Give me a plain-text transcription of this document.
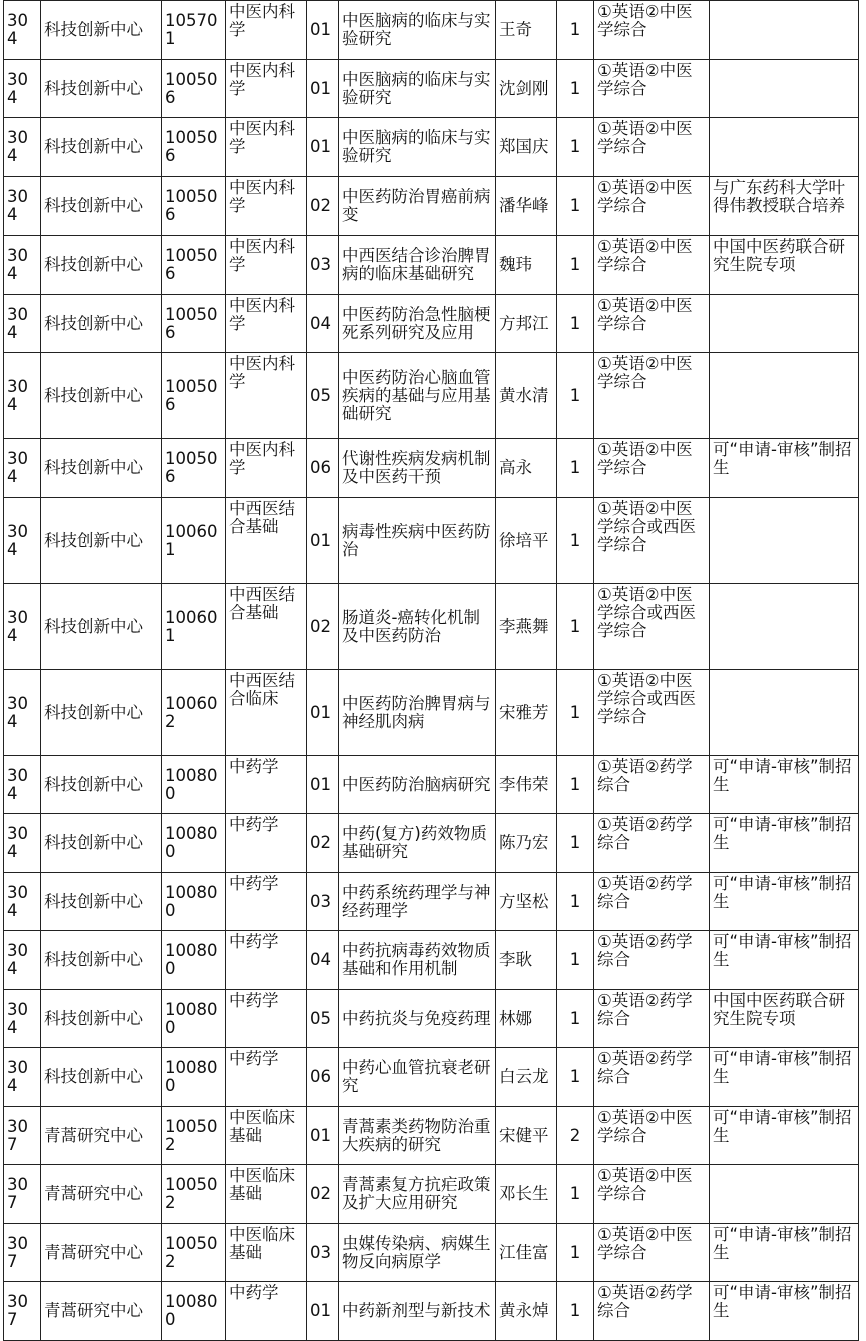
304	科技创新中心	105701	中医内科学	01	中医脑病的临床与实验研究	王奇	1	①英语②中医学综合	
304	科技创新中心	100506	中医内科学	01	中医脑病的临床与实验研究	沈剑刚	1	①英语②中医学综合	
304	科技创新中心	100506	中医内科学	01	中医脑病的临床与实验研究	郑国庆	1	①英语②中医学综合	
304	科技创新中心	100506	中医内科学	02	中医药防治胃癌前病变	潘华峰	1	①英语②中医学综合	与广东药科大学叶得伟教授联合培养
304	科技创新中心	100506	中医内科学	03	中西医结合诊治脾胃病的临床基础研究	魏玮	1	①英语②中医学综合	中国中医药联合研究生院专项
304	科技创新中心	100506	中医内科学	04	中医药防治急性脑梗死系列研究及应用	方邦江	1	①英语②中医学综合	
304	科技创新中心	100506	中医内科学	05	中医药防治心脑血管疾病的基础与应用基础研究	黄水清	1	①英语②中医学综合	
304	科技创新中心	100506	中医内科学	06	代谢性疾病发病机制及中医药干预	高永	1	①英语②中医学综合	可“申请-审核”制招生
304	科技创新中心	100601	中西医结合基础	01	病毒性疾病中医药防治	徐培平	1	①英语②中医学综合或西医学综合	
304	科技创新中心	100601	中西医结合基础	02	肠道炎-癌转化机制及中医药防治	李燕舞	1	①英语②中医学综合或西医学综合	
304	科技创新中心	100602	中西医结合临床	01	中医药防治脾胃病与神经肌肉病	宋雅芳	1	①英语②中医学综合或西医学综合	
304	科技创新中心	100800	中药学	01	中医药防治脑病研究	李伟荣	1	①英语②药学综合	可“申请-审核”制招生
304	科技创新中心	100800	中药学	02	中药(复方)药效物质基础研究	陈乃宏	1	①英语②药学综合	可“申请-审核”制招生
304	科技创新中心	100800	中药学	03	中药系统药理学与神经药理学	方坚松	1	①英语②药学综合	可“申请-审核”制招生
304	科技创新中心	100800	中药学	04	中药抗病毒药效物质基础和作用机制	李耿	1	①英语②药学综合	可“申请-审核”制招生
304	科技创新中心	100800	中药学	05	中药抗炎与免疫药理	林娜	1	①英语②药学综合	中国中医药联合研究生院专项
304	科技创新中心	100800	中药学	06	中药心血管抗衰老研究	白云龙	1	①英语②药学综合	可“申请-审核”制招生
307	青蒿研究中心	100502	中医临床基础	01	青蒿素类药物防治重大疾病的研究	宋健平	2	①英语②中医学综合	可“申请-审核”制招生
307	青蒿研究中心	100502	中医临床基础	02	青蒿素复方抗疟政策及扩大应用研究	邓长生	1	①英语②中医学综合	
307	青蒿研究中心	100502	中医临床基础	03	虫媒传染病、病媒生物反向病原学	江佳富	1	①英语②中医学综合	可“申请-审核”制招生
307	青蒿研究中心	100800	中药学	01	中药新剂型与新技术	黄永焯	1	①英语②药学综合	可“申请-审核”制招生
